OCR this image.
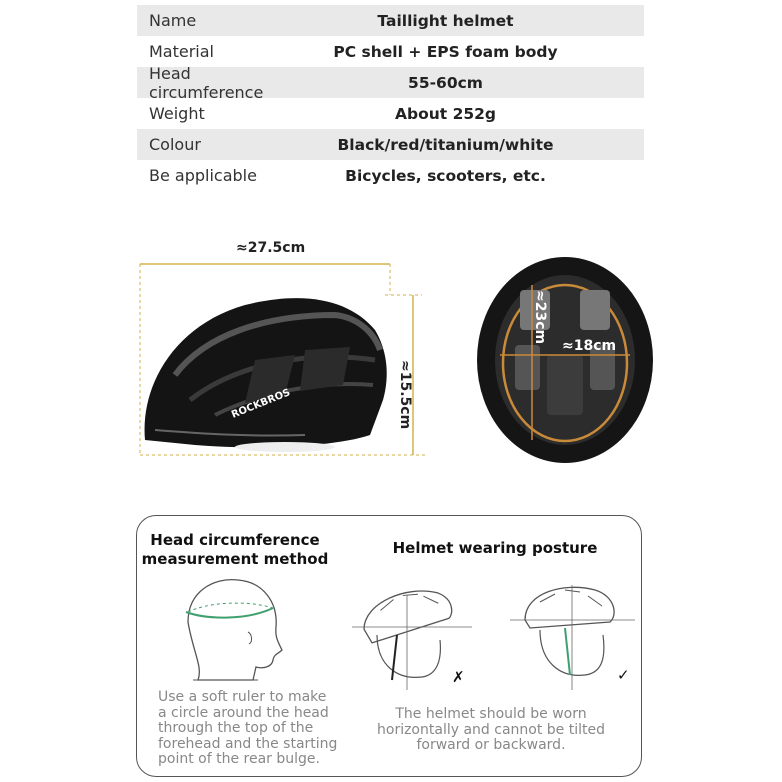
Name	Taillight helmet
Material	PC shell + EPS foam body
Head circumference	55-60cm
Weight	About 252g
Colour	Black/red/titanium/white
Be applicable	Bicycles, scooters, etc.
≈27.5cm
ROCKBROS	≈15.5cm
≈23cm
≈18cm
Head circumference
measurement method
Helmet wearing posture
✗	✓
Use a soft ruler to make
a circle around the head
through the top of the
forehead and the starting
point of the rear bulge.
The helmet should be worn
horizontally and cannot be tilted
forward or backward.
